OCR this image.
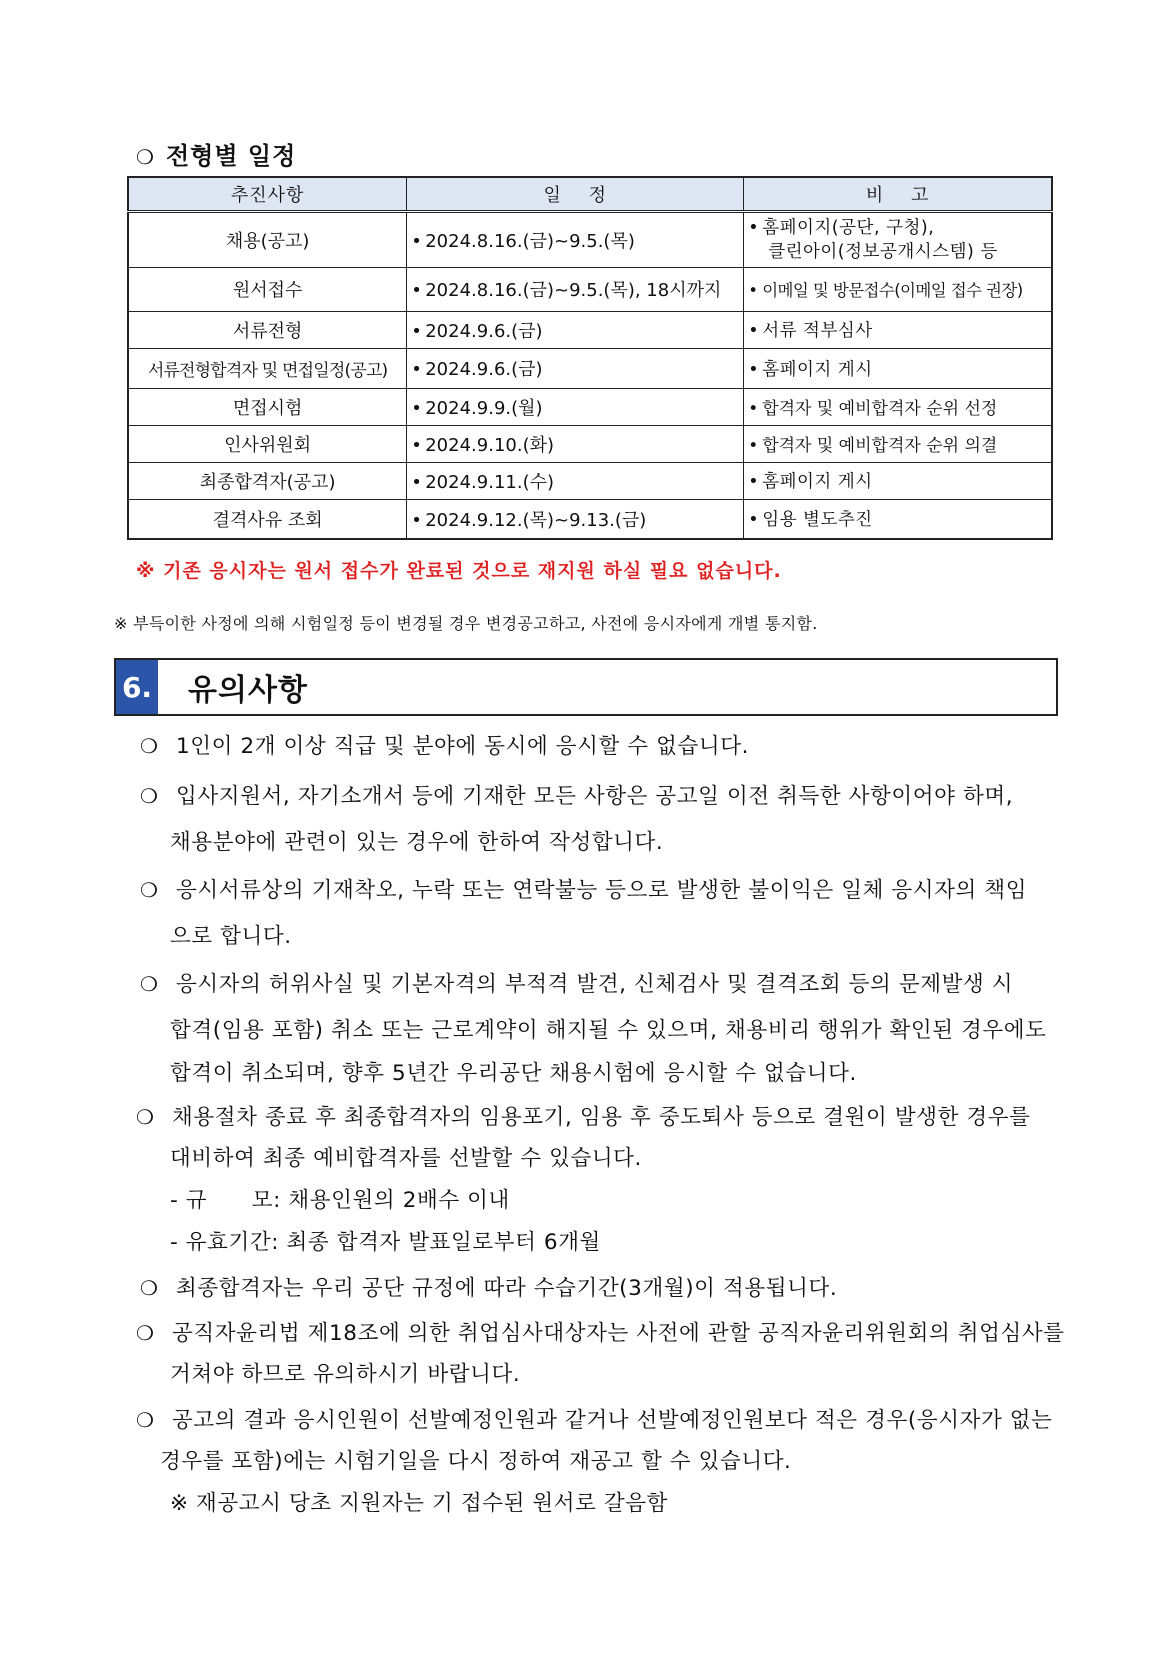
❍ 전형별 일정
추진사항	일 정	비 고
채용(공고)	• 2024.8.16.(금)~9.5.(목)	• 홈페이지(공단, 구청),
클린아이(정보공개시스템) 등

원서접수	• 2024.8.16.(금)~9.5.(목), 18시까지	• 이메일 및 방문접수(이메일 접수 권장)
서류전형	• 2024.9.6.(금)	• 서류 적부심사
서류전형합격자 및 면접일정(공고)	• 2024.9.6.(금)	• 홈페이지 게시
면접시험	• 2024.9.9.(월)	• 합격자 및 예비합격자 순위 선정
인사위원회	• 2024.9.10.(화)	• 합격자 및 예비합격자 순위 의결
최종합격자(공고)	• 2024.9.11.(수)	• 홈페이지 게시
결격사유 조회	• 2024.9.12.(목)~9.13.(금)	• 임용 별도추진
※ 기존 응시자는 원서 접수가 완료된 것으로 재지원 하실 필요 없습니다.
※ 부득이한 사정에 의해 시험일정 등이 변경될 경우 변경공고하고, 사전에 응시자에게 개별 통지함.
6. 유의사항
❍ 1인이 2개 이상 직급 및 분야에 동시에 응시할 수 없습니다.
❍ 입사지원서, 자기소개서 등에 기재한 모든 사항은 공고일 이전 취득한 사항이어야 하며,
채용분야에 관련이 있는 경우에 한하여 작성합니다.
❍ 응시서류상의 기재착오, 누락 또는 연락불능 등으로 발생한 불이익은 일체 응시자의 책임
으로 합니다.
❍ 응시자의 허위사실 및 기본자격의 부적격 발견, 신체검사 및 결격조회 등의 문제발생 시
합격(임용 포함) 취소 또는 근로계약이 해지될 수 있으며, 채용비리 행위가 확인된 경우에도
합격이 취소되며, 향후 5년간 우리공단 채용시험에 응시할 수 없습니다.
❍ 채용절차 종료 후 최종합격자의 임용포기, 임용 후 중도퇴사 등으로 결원이 발생한 경우를
대비하여 최종 예비합격자를 선발할 수 있습니다.
- 규      모: 채용인원의 2배수 이내
- 유효기간: 최종 합격자 발표일로부터 6개월
❍ 최종합격자는 우리 공단 규정에 따라 수습기간(3개월)이 적용됩니다.
❍ 공직자윤리법 제18조에 의한 취업심사대상자는 사전에 관할 공직자윤리위원회의 취업심사를
거쳐야 하므로 유의하시기 바랍니다.
❍ 공고의 결과 응시인원이 선발예정인원과 같거나 선발예정인원보다 적은 경우(응시자가 없는
경우를 포함)에는 시험기일을 다시 정하여 재공고 할 수 있습니다.
※ 재공고시 당초 지원자는 기 접수된 원서로 갈음함
